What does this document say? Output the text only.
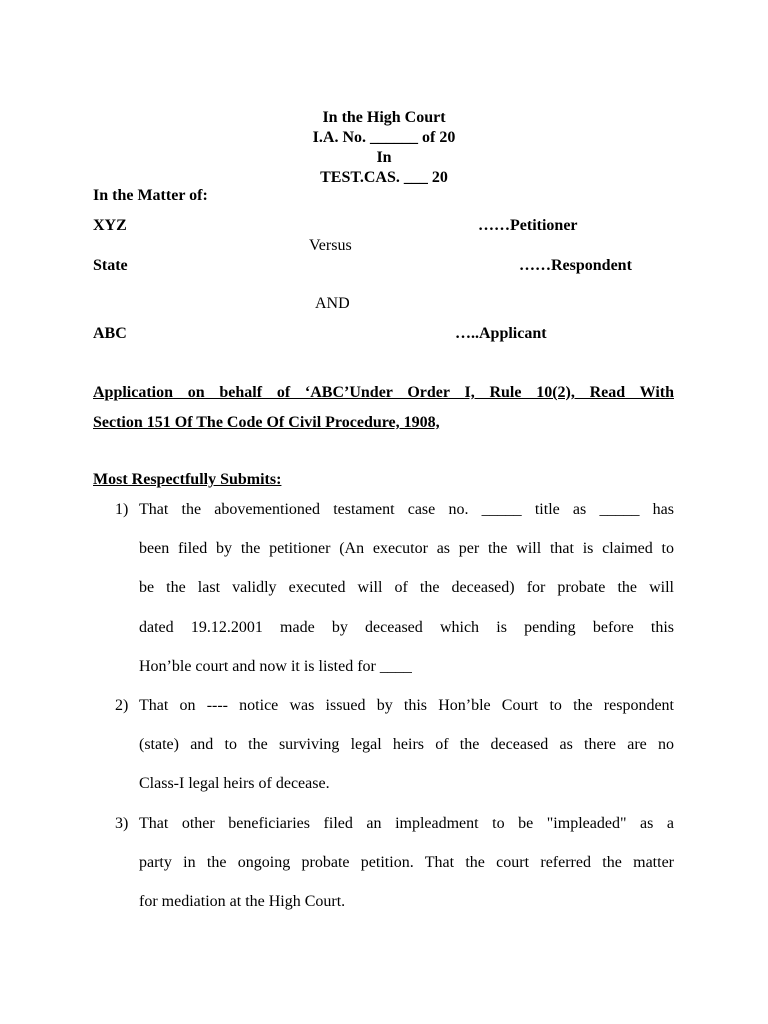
In the High Court
I.A. No. ______ of 20
In
TEST.CAS. ___ 20
In the Matter of:
XYZ	……Petitioner
Versus
State	……Respondent
AND
ABC	…..Applicant
Application on behalf of ‘ABC’Under Order I, Rule 10(2), Read With
Section 151 Of The Code Of Civil Procedure, 1908,
Most Respectfully Submits:
1) That the abovementioned testament case no. _____ title as _____ has
been filed by the petitioner (An executor as per the will that is claimed to
be the last validly executed will of the deceased) for probate the will
dated 19.12.2001 made by deceased which is pending before this
Hon’ble court and now it is listed for ____
2) That on ---- notice was issued by this Hon’ble Court to the respondent
(state) and to the surviving legal heirs of the deceased as there are no
Class-I legal heirs of decease.
3) That other beneficiaries filed an impleadment to be "impleaded" as a
party in the ongoing probate petition. That the court referred the matter
for mediation at the High Court.
